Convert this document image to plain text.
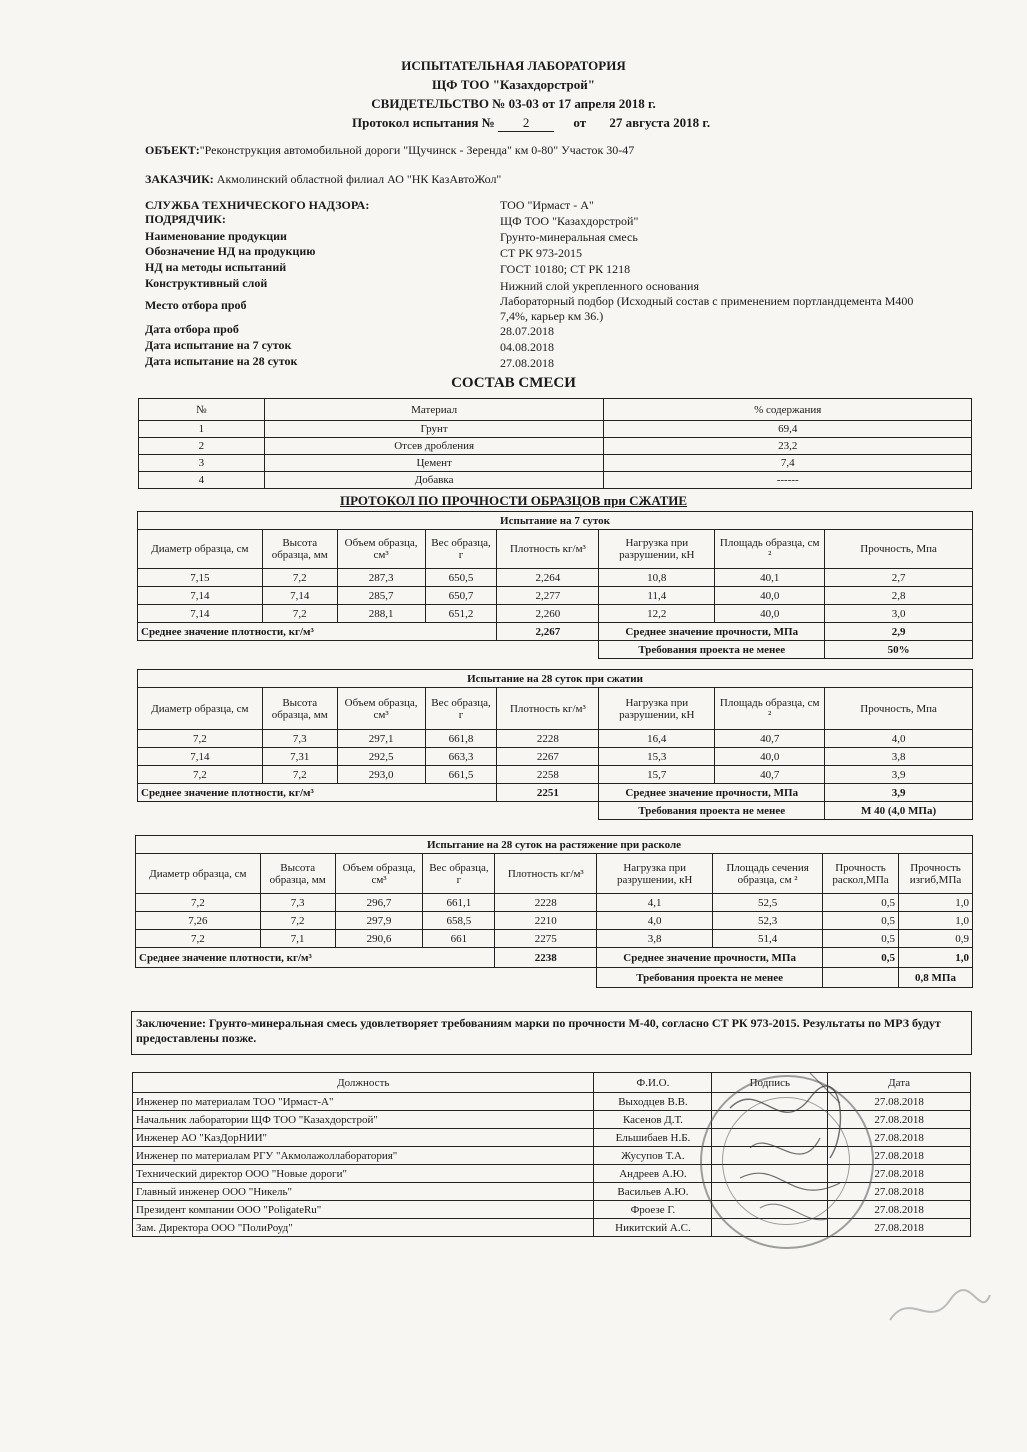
ИСПЫТАТЕЛЬНАЯ ЛАБОРАТОРИЯ
ЩФ ТОО "Казахдорстрой"
СВИДЕТЕЛЬСТВО № 03-03 от 17 апреля 2018 г.
Протокол испытания № 2	от 27 августа 2018 г.
ОБЪЕКТ:"Реконструкция автомобильной дороги "Щучинск - Зеренда" км 0-80" Участок 30-47
ЗАКАЗЧИК: Акмолинский областной филиал АО "НК КазАвтоЖол"
СЛУЖБА ТЕХНИЧЕСКОГО НАДЗОРА:	ТОО "Ирмаст - А"
ПОДРЯДЧИК:	ЩФ ТОО "Казахдорстрой"
Наименование продукции	Грунто-минеральная смесь
Обозначение НД на продукцию	СТ РК 973-2015
НД на методы испытаний	ГОСТ 10180; СТ РК 1218
Конструктивный слой	Нижний слой укрепленного основания
Место отбора проб	Лабораторный подбор (Исходный состав с применением портландцемента М400
7,4%, карьер км 36.)
Дата отбора проб	28.07.2018
Дата испытание на 7 суток	04.08.2018
Дата испытание на 28 суток	27.08.2018
СОСТАВ СМЕСИ
№	Материал	% содержания
1	Грунт	69,4
2	Отсев дробления	23,2
3	Цемент	7,4
4	Добавка	------
ПРОТОКОЛ ПО ПРОЧНОСТИ ОБРАЗЦОВ при СЖАТИЕ
Испытание на 7 суток							
Диаметр образца, см	Высота образца, мм	Объем образца, см³	Вес образца, г	Плотность кг/м³	Нагрузка при разрушении, кН	Площадь образца, см ²	Прочность, Мпа
7,15	7,2	287,3	650,5	2,264	10,8	40,1	2,7
7,14	7,14	285,7	650,7	2,277	11,4	40,0	2,8
7,14	7,2	288,1	651,2	2,260	12,2	40,0	3,0
Среднее значение плотности, кг/м³				2,267	Среднее значение прочности, МПа		2,9
					Требования проекта не менее		50%
Испытание на 28 суток при сжатии							
Диаметр образца, см	Высота образца, мм	Объем образца, см³	Вес образца, г	Плотность кг/м³	Нагрузка при разрушении, кН	Площадь образца, см ²	Прочность, Мпа
7,2	7,3	297,1	661,8	2228	16,4	40,7	4,0
7,14	7,31	292,5	663,3	2267	15,3	40,0	3,8
7,2	7,2	293,0	661,5	2258	15,7	40,7	3,9
Среднее значение плотности, кг/м³				2251	Среднее значение прочности, МПа		3,9
					Требования проекта не менее		М 40 (4,0 МПа)
Испытание на 28 суток на растяжение при расколе								
Диаметр образца, см	Высота образца, мм	Объем образца, см³	Вес образца, г	Плотность кг/м³	Нагрузка при разрушении, кН	Площадь сечения образца, см ²	Прочность раскол,МПа	Прочность изгиб,МПа
7,2	7,3	296,7	661,1	2228	4,1	52,5	0,5	1,0
7,26	7,2	297,9	658,5	2210	4,0	52,3	0,5	1,0
7,2	7,1	290,6	661	2275	3,8	51,4	0,5	0,9
Среднее значение плотности, кг/м³				2238	Среднее значение прочности, МПа		0,5	1,0
					Требования проекта не менее			0,8 МПа
Заключение: Грунто-минеральная смесь удовлетворяет требованиям марки по прочности М-40, согласно СТ РК 973-2015. Результаты по МРЗ будут предоставлены позже.
Должность	Ф.И.О.	Подпись	Дата
Инженер по материалам ТОО "Ирмаст-А"	Выходцев В.В.		27.08.2018
Начальник лаборатории ЩФ ТОО "Казахдорстрой"	Касенов Д.Т.		27.08.2018
Инженер АО "КазДорНИИ"	Ельшибаев Н.Б.		27.08.2018
Инженер по материалам РГУ "Акмолажоллаборатория"	Жусупов Т.А.		27.08.2018
Технический директор ООО "Новые дороги"	Андреев А.Ю.		27.08.2018
Главный инженер ООО "Никель"	Васильев А.Ю.		27.08.2018
Президент компании ООО "PoligateRu"	Фроезе Г.		27.08.2018
Зам. Директора ООО "ПолиРоуд"	Никитский А.С.		27.08.2018
